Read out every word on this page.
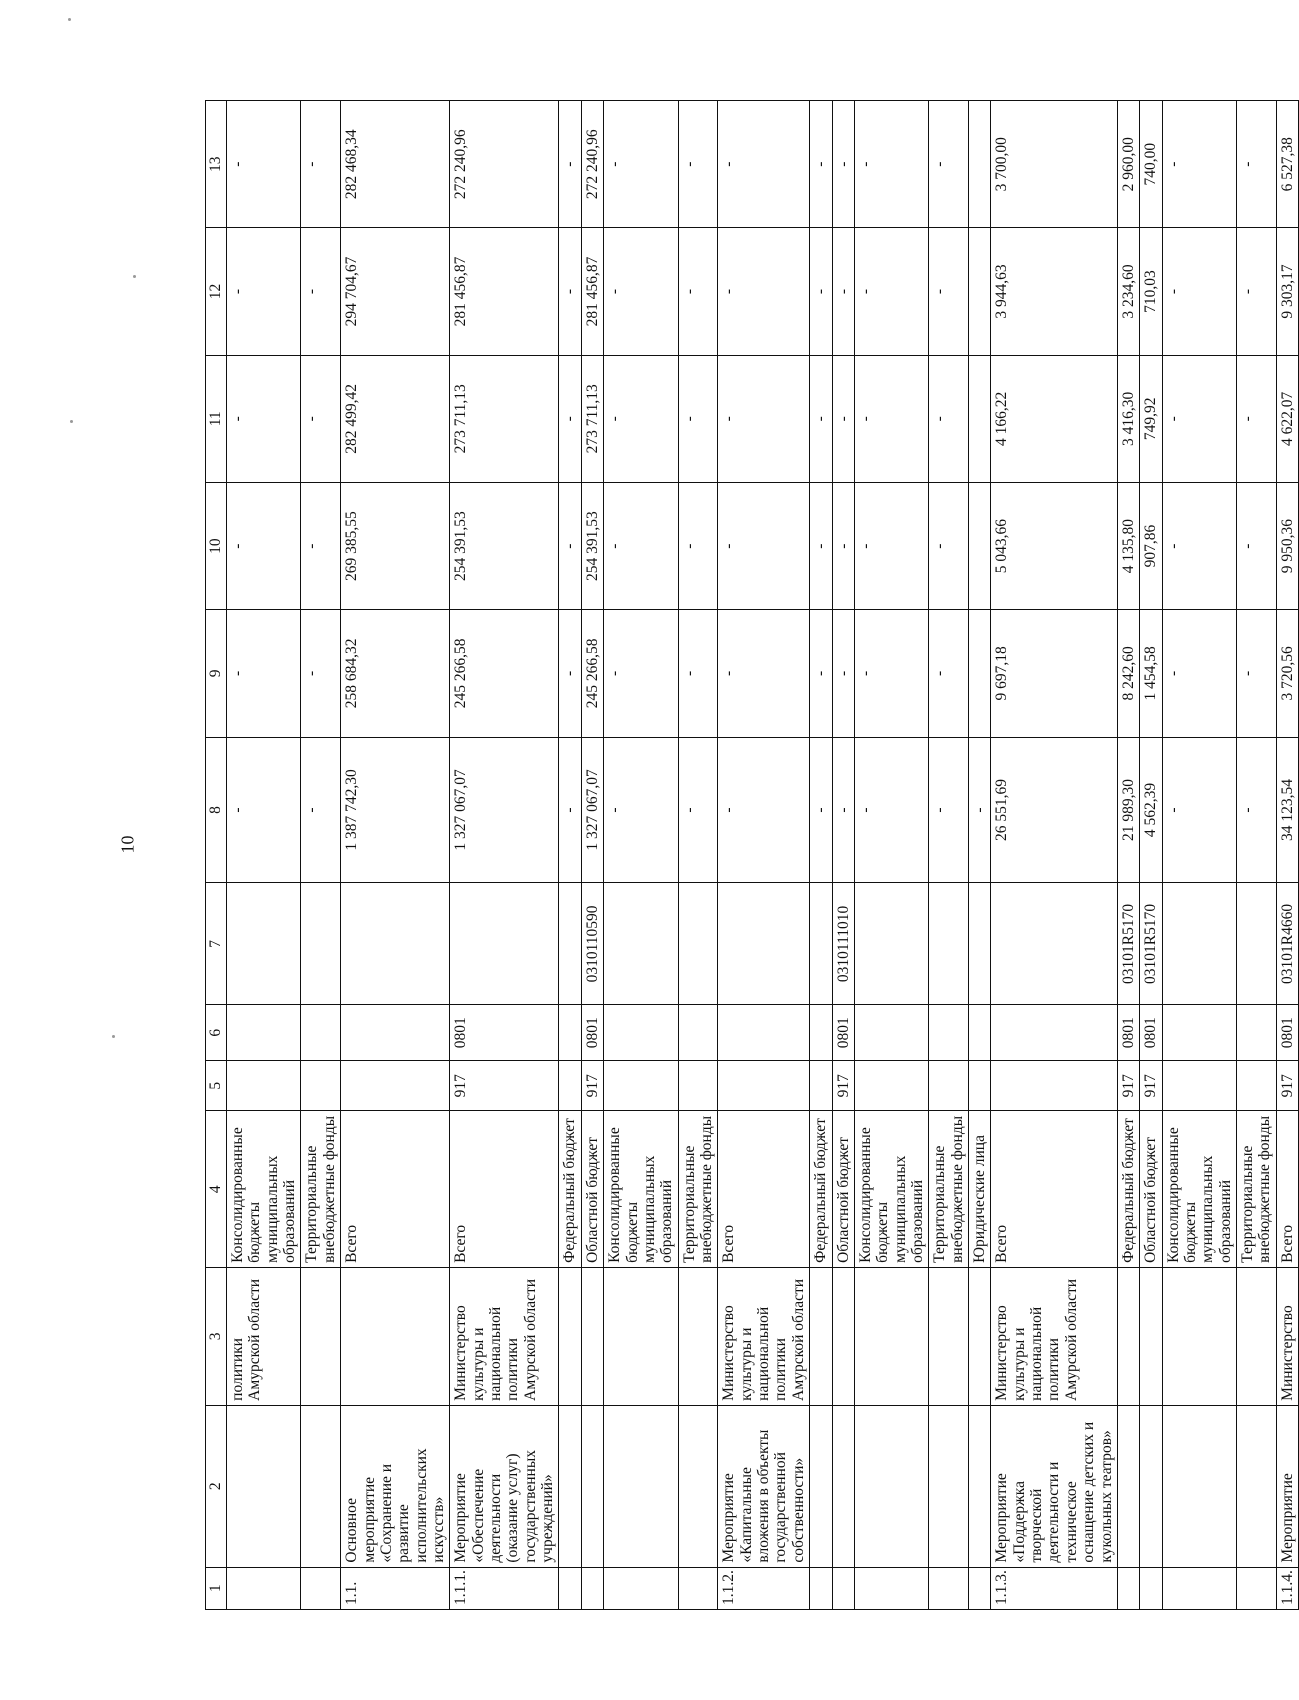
10
1	2	3	4	5	6	7	8	9	10	11	12	13
		политики Амурской области	Консолидированные бюджеты муниципальных образований				-	-	-	-	-	-
			Территориальные внебюджетные фонды				-	-	-	-	-	-
1.1.	Основное мероприятие «Сохранение и развитие исполнительских искусств»		Всего				1 387 742,30	258 684,32	269 385,55	282 499,42	294 704,67	282 468,34
1.1.1.	Мероприятие «Обеспечение деятельности (оказание услуг) государственных учреждений»	Министерство культуры и национальной политики Амурской области	Всего	917	0801		1 327 067,07	245 266,58	254 391,53	273 711,13	281 456,87	272 240,96
			Федеральный бюджет				-	-	-	-	-	-
			Областной бюджет	917	0801	0310110590	1 327 067,07	245 266,58	254 391,53	273 711,13	281 456,87	272 240,96
			Консолидированные бюджеты муниципальных образований				-	-	-	-	-	-
			Территориальные внебюджетные фонды				-	-	-	-	-	-
1.1.2.	Мероприятие «Капитальные вложения в объекты государственной собственности»	Министерство культуры и национальной политики Амурской области	Всего				-	-	-	-	-	-
			Федеральный бюджет				-	-	-	-	-	-
			Областной бюджет	917	0801	0310111010	-	-	-	-	-	-
			Консолидированные бюджеты муниципальных образований				-	-	-	-	-	-
			Территориальные внебюджетные фонды				-	-	-	-	-	-
			Юридические лица				-					
1.1.3.	Мероприятие «Поддержка творческой деятельности и техническое оснащение детских и кукольных театров»	Министерство культуры и национальной политики Амурской области	Всего				26 551,69	9 697,18	5 043,66	4 166,22	3 944,63	3 700,00
			Федеральный бюджет	917	0801	03101R5170	21 989,30	8 242,60	4 135,80	3 416,30	3 234,60	2 960,00
			Областной бюджет	917	0801	03101R5170	4 562,39	1 454,58	907,86	749,92	710,03	740,00
			Консолидированные бюджеты муниципальных образований				-	-	-	-	-	-
			Территориальные внебюджетные фонды				-	-	-	-	-	-
1.1.4.	Мероприятие	Министерство	Всего	917	0801	03101R4660	34 123,54	3 720,56	9 950,36	4 622,07	9 303,17	6 527,38
